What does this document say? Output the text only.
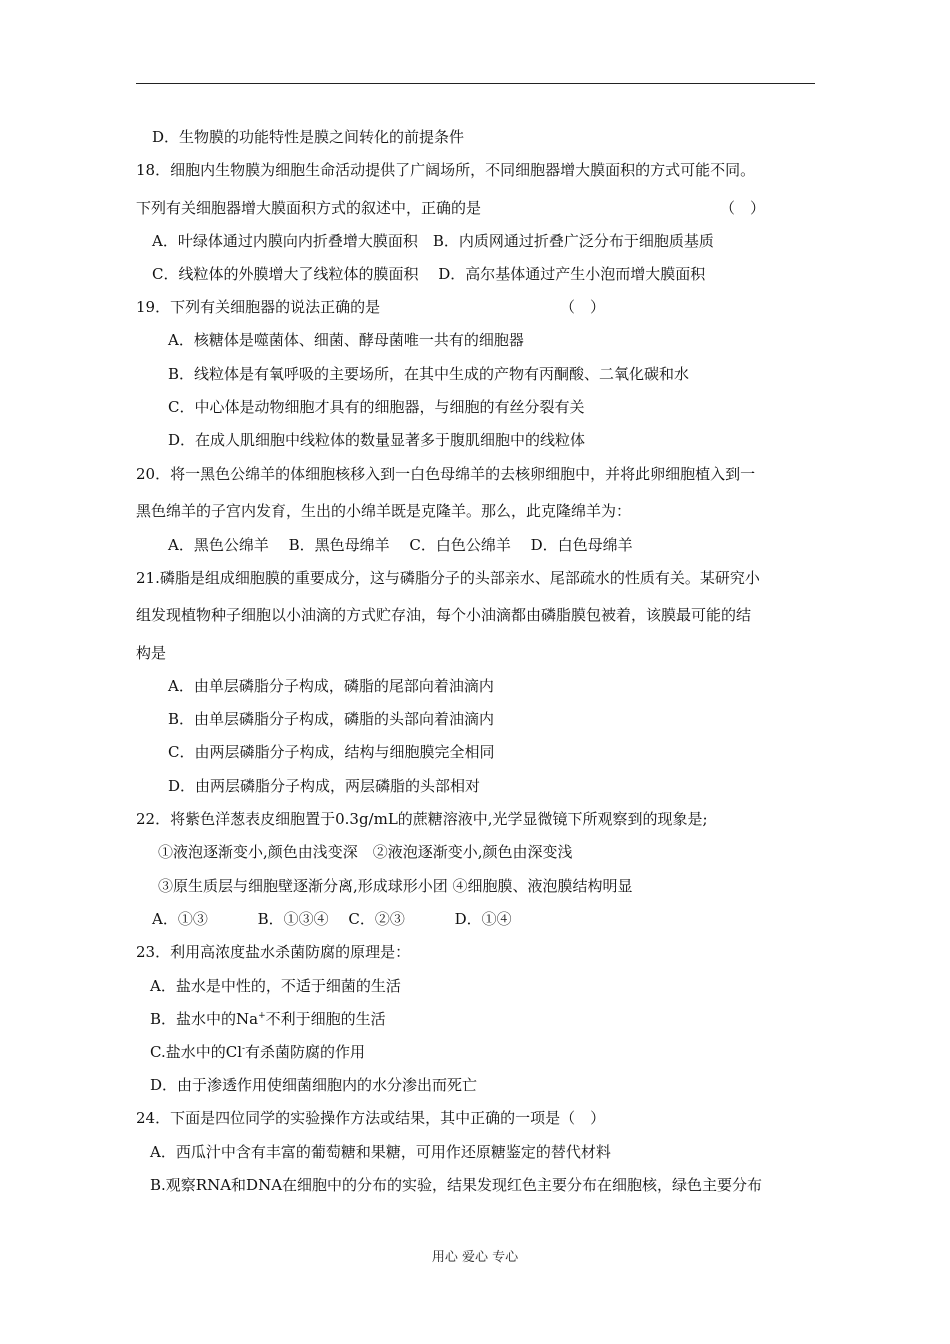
D．生物膜的功能特性是膜之间转化的前提条件
18．细胞内生物膜为细胞生命活动提供了广阔场所，不同细胞器增大膜面积的方式可能不同。
下列有关细胞器增大膜面积方式的叙述中，正确的是	（　）
A．叶绿体通过内膜向内折叠增大膜面积　B．内质网通过折叠广泛分布于细胞质基质
C．线粒体的外膜增大了线粒体的膜面积　 D．高尔基体通过产生小泡而增大膜面积
19．下列有关细胞器的说法正确的是	（　）
A．核糖体是噬菌体、细菌、酵母菌唯一共有的细胞器
B．线粒体是有氧呼吸的主要场所，在其中生成的产物有丙酮酸、二氧化碳和水
C．中心体是动物细胞才具有的细胞器，与细胞的有丝分裂有关
D．在成人肌细胞中线粒体的数量显著多于腹肌细胞中的线粒体
20．将一黑色公绵羊的体细胞核移入到一白色母绵羊的去核卵细胞中，并将此卵细胞植入到一
黑色绵羊的子宫内发育，生出的小绵羊既是克隆羊。那么，此克隆绵羊为：
A．黑色公绵羊　 B．黑色母绵羊　 C．白色公绵羊　 D．白色母绵羊
21.磷脂是组成细胞膜的重要成分，这与磷脂分子的头部亲水、尾部疏水的性质有关。某研究小
组发现植物种子细胞以小油滴的方式贮存油，每个小油滴都由磷脂膜包被着，该膜最可能的结
构是
A．由单层磷脂分子构成，磷脂的尾部向着油滴内
B．由单层磷脂分子构成，磷脂的头部向着油滴内
C．由两层磷脂分子构成，结构与细胞膜完全相同
D．由两层磷脂分子构成，两层磷脂的头部相对
22．将紫色洋葱表皮细胞置于0.3g/mL的蔗糖溶液中,光学显微镜下所观察到的现象是;
①液泡逐渐变小,颜色由浅变深　②液泡逐渐变小,颜色由深变浅
③原生质层与细胞壁逐渐分离,形成球形小团 ④细胞膜、液泡膜结构明显
A．①③　　　 B．①③④　 C．②③　　　 D．①④
23．利用高浓度盐水杀菌防腐的原理是：
A．盐水是中性的，不适于细菌的生活
B．盐水中的Na+不利于细胞的生活
C.盐水中的Cl-有杀菌防腐的作用
D．由于渗透作用使细菌细胞内的水分渗出而死亡
24．下面是四位同学的实验操作方法或结果，其中正确的一项是（　）
A．西瓜汁中含有丰富的葡萄糖和果糖，可用作还原糖鉴定的替代材料
B.观察RNA和DNA在细胞中的分布的实验，结果发现红色主要分布在细胞核，绿色主要分布
用心 爱心 专心
